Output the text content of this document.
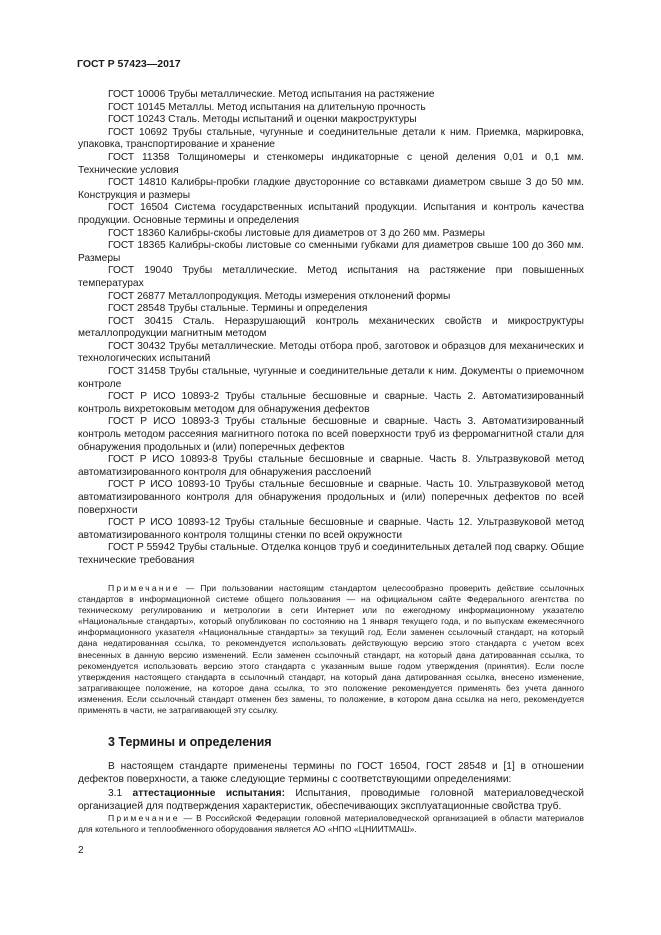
ГОСТ Р 57423—2017

ГОСТ 10006 Трубы металлические. Метод испытания на растяжение

ГОСТ 10145 Металлы. Метод испытания на длительную прочность

ГОСТ 10243 Сталь. Методы испытаний и оценки макроструктуры

ГОСТ 10692 Трубы стальные, чугунные и соединительные детали к ним. Приемка, маркировка, упаковка, транспортирование и хранение

ГОСТ 11358 Толщиномеры и стенкомеры индикаторные с ценой деления 0,01 и 0,1 мм. Технические условия

ГОСТ 14810 Калибры-пробки гладкие двусторонние со вставками диаметром свыше 3 до 50 мм. Конструкция и размеры

ГОСТ 16504 Система государственных испытаний продукции. Испытания и контроль качества продукции. Основные термины и определения

ГОСТ 18360 Калибры-скобы листовые для диаметров от 3 до 260 мм. Размеры

ГОСТ 18365 Калибры-скобы листовые со сменными губками для диаметров свыше 100 до 360 мм. Размеры

ГОСТ 19040 Трубы металлические. Метод испытания на растяжение при повышенных температурах

ГОСТ 26877 Металлопродукция. Методы измерения отклонений формы

ГОСТ 28548 Трубы стальные. Термины и определения

ГОСТ 30415 Сталь. Неразрушающий контроль механических свойств и микроструктуры металлопродукции магнитным методом

ГОСТ 30432 Трубы металлические. Методы отбора проб, заготовок и образцов для механических и технологических испытаний

ГОСТ 31458 Трубы стальные, чугунные и соединительные детали к ним. Документы о приемочном контроле

ГОСТ Р ИСО 10893-2 Трубы стальные бесшовные и сварные. Часть 2. Автоматизированный контроль вихретоковым методом для обнаружения дефектов

ГОСТ Р ИСО 10893-3 Трубы стальные бесшовные и сварные. Часть 3. Автоматизированный контроль методом рассеяния магнитного потока по всей поверхности труб из ферромагнитной стали для обнаружения продольных и (или) поперечных дефектов

ГОСТ Р ИСО 10893-8 Трубы стальные бесшовные и сварные. Часть 8. Ультразвуковой метод автоматизированного контроля для обнаружения расслоений

ГОСТ Р ИСО 10893-10 Трубы стальные бесшовные и сварные. Часть 10. Ультразвуковой метод автоматизированного контроля для обнаружения продольных и (или) поперечных дефектов по всей поверхности

ГОСТ Р ИСО 10893-12 Трубы стальные бесшовные и сварные. Часть 12. Ультразвуковой метод автоматизированного контроля толщины стенки по всей окружности

ГОСТ Р 55942 Трубы стальные. Отделка концов труб и соединительных деталей под сварку. Общие технические требования

Примечание — При пользовании настоящим стандартом целесообразно проверить действие ссылочных стандартов в информационной системе общего пользования — на официальном сайте Федерального агентства по техническому регулированию и метрологии в сети Интернет или по ежегодному информационному указателю «Национальные стандарты», который опубликован по состоянию на 1 января текущего года, и по выпускам ежемесячного информационного указателя «Национальные стандарты» за текущий год. Если заменен ссылочный стандарт, на который дана недатированная ссылка, то рекомендуется использовать действующую версию этого стандарта с учетом всех внесенных в данную версию изменений. Если заменен ссылочный стандарт, на который дана датированная ссылка, то рекомендуется использовать версию этого стандарта с указанным выше годом утверждения (принятия). Если после утверждения настоящего стандарта в ссылочный стандарт, на который дана датированная ссылка, внесено изменение, затрагивающее положение, на которое дана ссылка, то это положение рекомендуется применять без учета данного изменения. Если ссылочный стандарт отменен без замены, то положение, в котором дана ссылка на него, рекомендуется применять в части, не затрагивающей эту ссылку.

3 Термины и определения

В настоящем стандарте применены термины по ГОСТ 16504, ГОСТ 28548 и [1] в отношении дефектов поверхности, а также следующие термины с соответствующими определениями:

3.1 аттестационные испытания: Испытания, проводимые головной материаловедческой организацией для подтверждения характеристик, обеспечивающих эксплуатационные свойства труб.

Примечание — В Российской Федерации головной материаловедческой организацией в области материалов для котельного и теплообменного оборудования является АО «НПО «ЦНИИТМАШ».

2
